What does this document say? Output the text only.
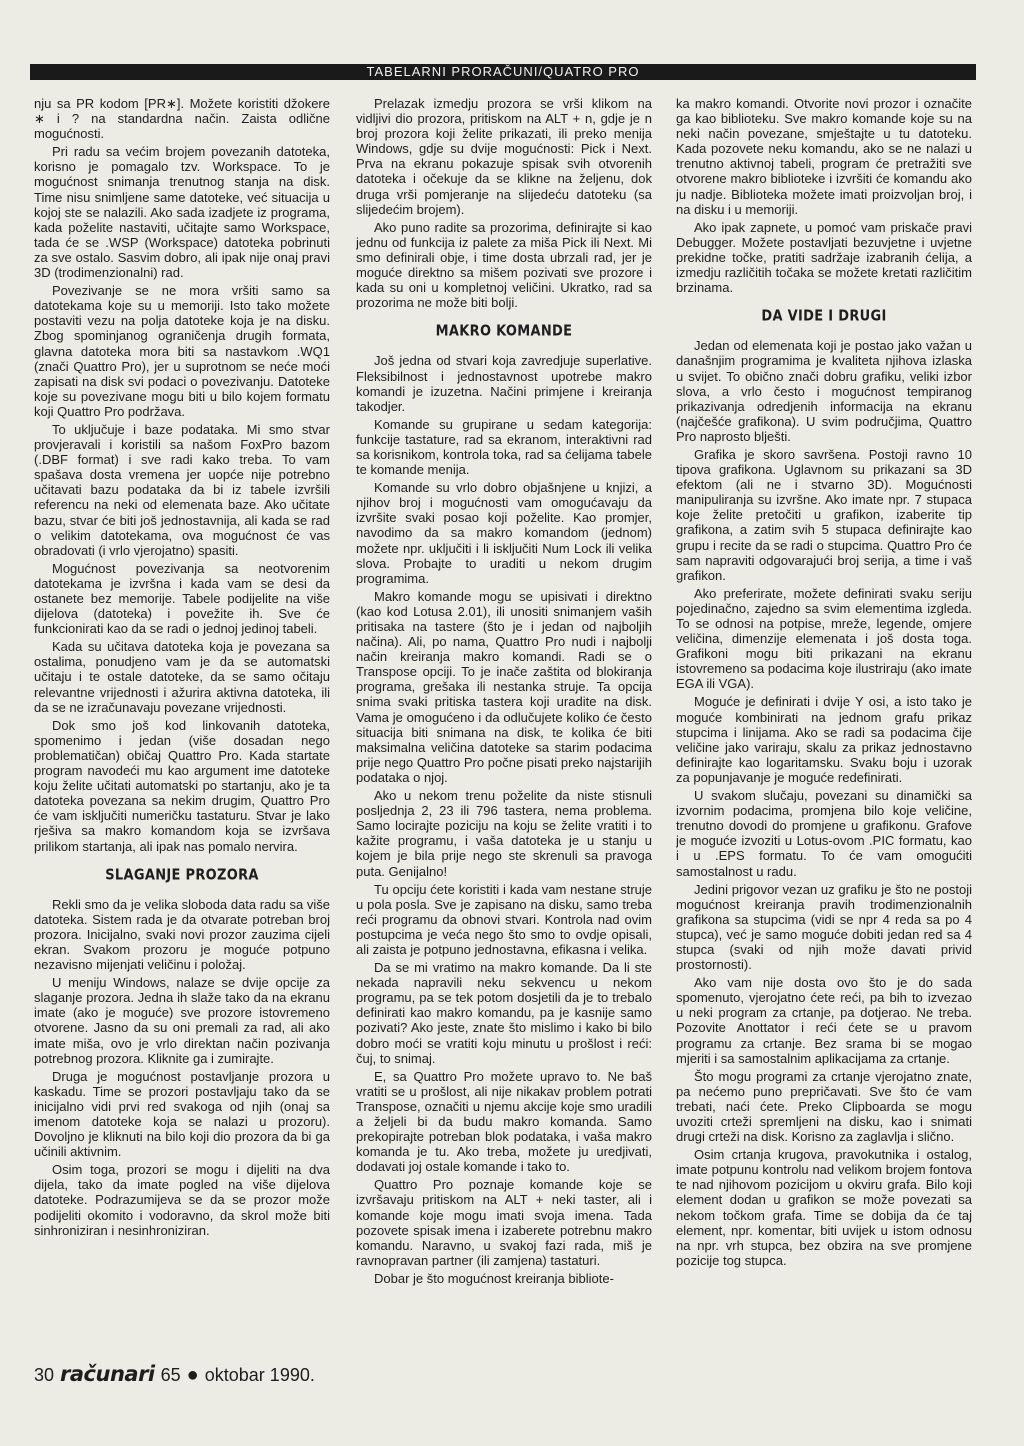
TABELARNI PRORAČUNI/QUATRO PRO

nju sa PR kodom [PR∗]. Možete koristiti džokere ∗ i ? na standardna način. Zaista odlične mogućnosti.

Pri radu sa većim brojem povezanih datoteka, korisno je pomagalo tzv. Workspace. To je mogućnost snimanja trenutnog stanja na disk. Time nisu snimljene same datoteke, već situacija u kojoj ste se nalazili. Ako sada izadjete iz programa, kada poželite nastaviti, učitajte samo Workspace, tada će se .WSP (Workspace) datoteka pobrinuti za sve ostalo. Sasvim dobro, ali ipak nije onaj pravi 3D (trodimenzionalni) rad.

Povezivanje se ne mora vršiti samo sa datotekama koje su u memoriji. Isto tako možete postaviti vezu na polja datoteke koja je na disku. Zbog spominjanog ograničenja drugih formata, glavna datoteka mora biti sa nastavkom .WQ1 (znači Quattro Pro), jer u suprotnom se neće moći zapisati na disk svi podaci o povezivanju. Datoteke koje su povezivane mogu biti u bilo kojem formatu koji Quattro Pro podržava.

To uključuje i baze podataka. Mi smo stvar provjeravali i koristili sa našom FoxPro bazom (.DBF format) i sve radi kako treba. To vam spašava dosta vremena jer uopće nije potrebno učitavati bazu podataka da bi iz tabele izvršili referencu na neki od elemenata baze. Ako učitate bazu, stvar će biti još jednostavnija, ali kada se rad o velikim datotekama, ova mogućnost će vas obradovati (i vrlo vjerojatno) spasiti.

Mogućnost povezivanja sa neotvorenim datotekama je izvršna i kada vam se desi da ostanete bez memorije. Tabele podijelite na više dijelova (datoteka) i povežite ih. Sve će funkcionirati kao da se radi o jednoj jedinoj tabeli.

Kada su učitava datoteka koja je povezana sa ostalima, ponudjeno vam je da se automatski učitaju i te ostale datoteke, da se samo očitaju relevantne vrijednosti i ažurira aktivna datoteka, ili da se ne izračunavaju povezane vrijednosti.

Dok smo još kod linkovanih datoteka, spomenimo i jedan (više dosadan nego problematičan) običaj Quattro Pro. Kada startate program navodeći mu kao argument ime datoteke koju želite učitati automatski po startanju, ako je ta datoteka povezana sa nekim drugim, Quattro Pro će vam isključiti numeričku tastaturu. Stvar je lako rješiva sa makro komandom koja se izvršava prilikom startanja, ali ipak nas pomalo nervira.

SLAGANJE PROZORA

Rekli smo da je velika sloboda data radu sa više datoteka. Sistem rada je da otvarate potreban broj prozora. Inicijalno, svaki novi prozor zauzima cijeli ekran. Svakom prozoru je moguće potpuno nezavisno mijenjati veličinu i položaj.

U meniju Windows, nalaze se dvije opcije za slaganje prozora. Jedna ih slaže tako da na ekranu imate (ako je moguće) sve prozore istovremeno otvorene. Jasno da su oni premali za rad, ali ako imate miša, ovo je vrlo direktan način pozivanja potrebnog prozora. Kliknite ga i zumirajte.

Druga je mogućnost postavljanje prozora u kaskadu. Time se prozori postavljaju tako da se inicijalno vidi prvi red svakoga od njih (onaj sa imenom datoteke koja se nalazi u prozoru). Dovoljno je kliknuti na bilo koji dio prozora da bi ga učinili aktivnim.

Osim toga, prozori se mogu i dijeliti na dva dijela, tako da imate pogled na više dijelova datoteke. Podrazumijeva se da se prozor može podijeliti okomito i vodoravno, da skrol može biti sinhroniziran i nesinhroniziran.

Prelazak izmedju prozora se vrši klikom na vidljivi dio prozora, pritiskom na ALT + n, gdje je n broj prozora koji želite prikazati, ili preko menija Windows, gdje su dvije mogućnosti: Pick i Next. Prva na ekranu pokazuje spisak svih otvorenih datoteka i očekuje da se klikne na željenu, dok druga vrši pomjeranje na slijedeću datoteku (sa slijedećim brojem).

Ako puno radite sa prozorima, definirajte si kao jednu od funkcija iz palete za miša Pick ili Next. Mi smo definirali obje, i time dosta ubrzali rad, jer je moguće direktno sa mišem pozivati sve prozore i kada su oni u kompletnoj veličini. Ukratko, rad sa prozorima ne može biti bolji.

MAKRO KOMANDE

Još jedna od stvari koja zavredjuje superlative. Fleksibilnost i jednostavnost upotrebe makro komandi je izuzetna. Načini primjene i kreiranja takodjer.

Komande su grupirane u sedam kategorija: funkcije tastature, rad sa ekranom, interaktivni rad sa korisnikom, kontrola toka, rad sa ćelijama tabele te komande menija.

Komande su vrlo dobro objašnjene u knjizi, a njihov broj i mogućnosti vam omogućavaju da izvršite svaki posao koji poželite. Kao promjer, navodimo da sa makro komandom (jednom) možete npr. uključiti i li isključiti Num Lock ili velika slova. Probajte to uraditi u nekom drugim programima.

Makro komande mogu se upisivati i direktno (kao kod Lotusa 2.01), ili unositi snimanjem vaših pritisaka na tastere (što je i jedan od najboljih načina). Ali, po nama, Quattro Pro nudi i najbolji način kreiranja makro komandi. Radi se o Transpose opciji. To je inače zaštita od blokiranja programa, grešaka ili nestanka struje. Ta opcija snima svaki pritiska tastera koji uradite na disk. Vama je omogućeno i da odlučujete koliko će često situacija biti snimana na disk, te kolika će biti maksimalna veličina datoteke sa starim podacima prije nego Quattro Pro počne pisati preko najstarijih podataka o njoj.

Ako u nekom trenu poželite da niste stisnuli posljednja 2, 23 ili 796 tastera, nema problema. Samo locirajte poziciju na koju se želite vratiti i to kažite programu, i vaša datoteka je u stanju u kojem je bila prije nego ste skrenuli sa pravoga puta. Genijalno!

Tu opciju ćete koristiti i kada vam nestane struje u pola posla. Sve je zapisano na disku, samo treba reći programu da obnovi stvari. Kontrola nad ovim postupcima je veća nego što smo to ovdje opisali, ali zaista je potpuno jednostavna, efikasna i velika.

Da se mi vratimo na makro komande. Da li ste nekada napravili neku sekvencu u nekom programu, pa se tek potom dosjetili da je to trebalo definirati kao makro komandu, pa je kasnije samo pozivati? Ako jeste, znate što mislimo i kako bi bilo dobro moći se vratiti koju minutu u prošlost i reći: čuj, to snimaj.

E, sa Quattro Pro možete upravo to. Ne baš vratiti se u prošlost, ali nije nikakav problem potrati Transpose, označiti u njemu akcije koje smo uradili a željeli bi da budu makro komanda. Samo prekopirajte potreban blok podataka, i vaša makro komanda je tu. Ako treba, možete ju uredjivati, dodavati joj ostale komande i tako to.

Quattro Pro poznaje komande koje se izvršavaju pritiskom na ALT + neki taster, ali i komande koje mogu imati svoja imena. Tada pozovete spisak imena i izaberete potrebnu makro komandu. Naravno, u svakoj fazi rada, miš je ravnopravan partner (ili zamjena) tastaturi.

Dobar je što mogućnost kreiranja bibliote-

ka makro komandi. Otvorite novi prozor i označite ga kao biblioteku. Sve makro komande koje su na neki način povezane, smještajte u tu datoteku. Kada pozovete neku komandu, ako se ne nalazi u trenutno aktivnoj tabeli, program će pretražiti sve otvorene makro biblioteke i izvršiti će komandu ako ju nadje. Biblioteka možete imati proizvoljan broj, i na disku i u memoriji.

Ako ipak zapnete, u pomoć vam priskače pravi Debugger. Možete postavljati bezuvjetne i uvjetne prekidne točke, pratiti sadržaje izabranih ćelija, a izmedju različitih točaka se možete kretati različitim brzinama.

DA VIDE I DRUGI

Jedan od elemenata koji je postao jako važan u današnjim programima je kvaliteta njihova izlaska u svijet. To obično znači dobru grafiku, veliki izbor slova, a vrlo često i mogućnost tempiranog prikazivanja odredjenih informacija na ekranu (najčešće grafikona). U svim područjima, Quattro Pro naprosto blješti.

Grafika je skoro savršena. Postoji ravno 10 tipova grafikona. Uglavnom su prikazani sa 3D efektom (ali ne i stvarno 3D). Mogućnosti manipuliranja su izvršne. Ako imate npr. 7 stupaca koje želite pretočiti u grafikon, izaberite tip grafikona, a zatim svih 5 stupaca definirajte kao grupu i recite da se radi o stupcima. Quattro Pro će sam napraviti odgovarajući broj serija, a time i vaš grafikon.

Ako preferirate, možete definirati svaku seriju pojedinačno, zajedno sa svim elementima izgleda. To se odnosi na potpise, mreže, legende, omjere veličina, dimenzije elemenata i još dosta toga. Grafikoni mogu biti prikazani na ekranu istovremeno sa podacima koje ilustriraju (ako imate EGA ili VGA).

Moguće je definirati i dvije Y osi, a isto tako je moguće kombinirati na jednom grafu prikaz stupcima i linijama. Ako se radi sa podacima čije veličine jako variraju, skalu za prikaz jednostavno definirajte kao logaritamsku. Svaku boju i uzorak za popunjavanje je moguće redefinirati.

U svakom slučaju, povezani su dinamički sa izvornim podacima, promjena bilo koje veličine, trenutno dovodi do promjene u grafikonu. Grafove je moguće izvoziti u Lotus-ovom .PIC formatu, kao i u .EPS formatu. To će vam omogućiti samostalnost u radu.

Jedini prigovor vezan uz grafiku je što ne postoji mogućnost kreiranja pravih trodimenzionalnih grafikona sa stupcima (vidi se npr 4 reda sa po 4 stupca), već je samo moguće dobiti jedan red sa 4 stupca (svaki od njih može davati privid prostornosti).

Ako vam nije dosta ovo što je do sada spomenuto, vjerojatno ćete reći, pa bih to izvezao u neki program za crtanje, pa dotjerao. Ne treba. Pozovite Anottator i reći ćete se u pravom programu za crtanje. Bez srama bi se mogao mjeriti i sa samostalnim aplikacijama za crtanje.

Što mogu programi za crtanje vjerojatno znate, pa nećemo puno prepričavati. Sve što će vam trebati, naći ćete. Preko Clipboarda se mogu uvoziti crteži spremljeni na disku, kao i snimati drugi crteži na disk. Korisno za zaglavlja i slično.

Osim crtanja krugova, pravokutnika i ostalog, imate potpunu kontrolu nad velikom brojem fontova te nad njihovom pozicijom u okviru grafa. Bilo koji element dodan u grafikon se može povezati sa nekom točkom grafa. Time se dobija da će taj element, npr. komentar, biti uvijek u istom odnosu na npr. vrh stupca, bez obzira na sve promjene pozicije tog stupca.

30 računari 65 ● oktobar 1990.
